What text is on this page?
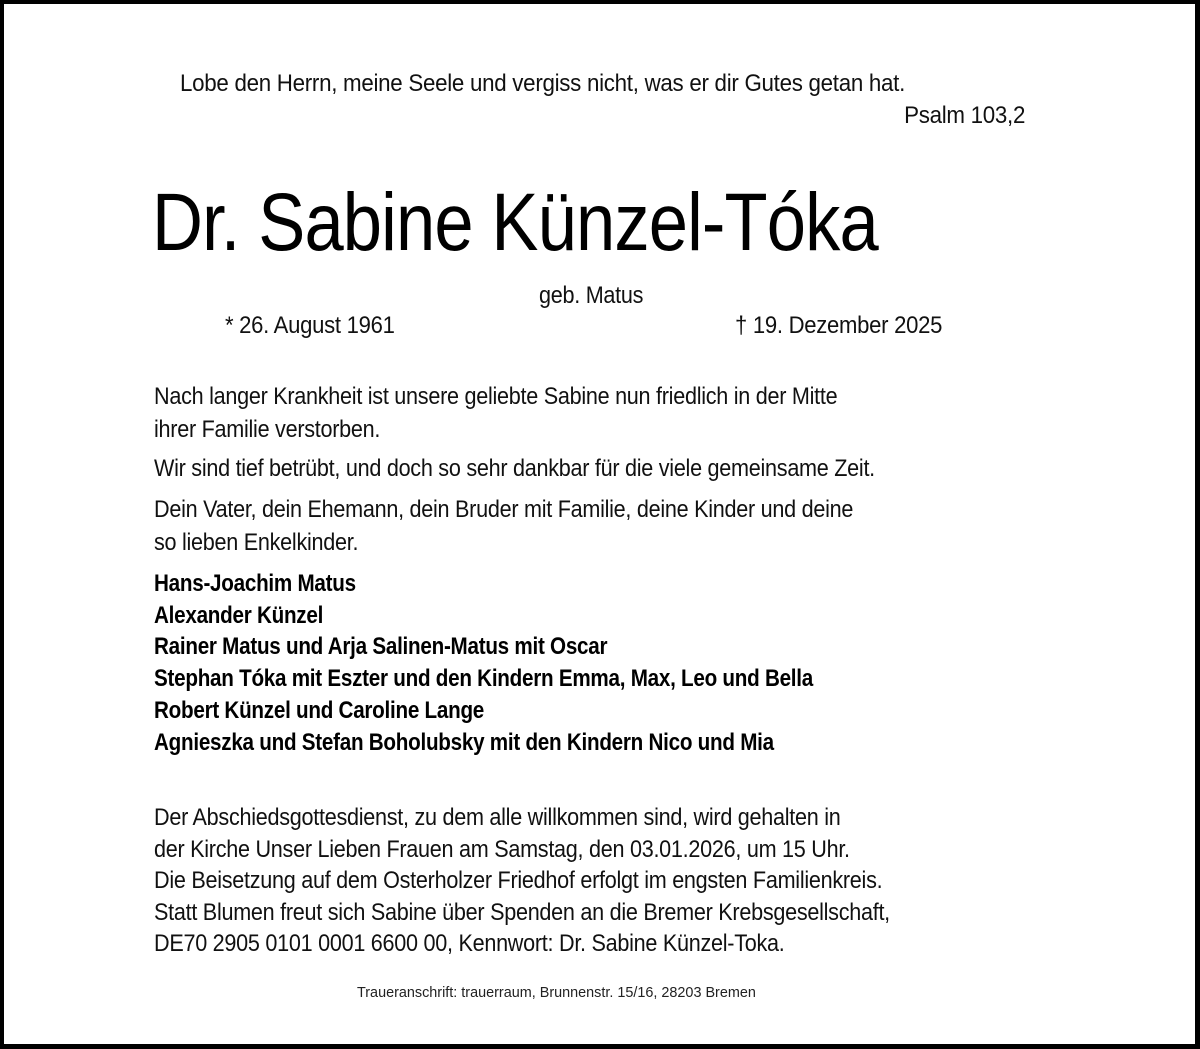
Lobe den Herrn, meine Seele und vergiss nicht, was er dir Gutes getan hat.
Psalm 103,2
Dr. Sabine Künzel-Tóka
geb. Matus
* 26. August 1961	† 19. Dezember 2025
Nach langer Krankheit ist unsere geliebte Sabine nun friedlich in der Mitte
ihrer Familie verstorben.
Wir sind tief betrübt, und doch so sehr dankbar für die viele gemeinsame Zeit.
Dein Vater, dein Ehemann, dein Bruder mit Familie, deine Kinder und deine
so lieben Enkelkinder.
Hans-Joachim Matus
Alexander Künzel
Rainer Matus und Arja Salinen-Matus mit Oscar
Stephan Tóka mit Eszter und den Kindern Emma, Max, Leo und Bella
Robert Künzel und Caroline Lange
Agnieszka und Stefan Boholubsky mit den Kindern Nico und Mia
Der Abschiedsgottesdienst, zu dem alle willkommen sind, wird gehalten in
der Kirche Unser Lieben Frauen am Samstag, den 03.01.2026, um 15 Uhr.
Die Beisetzung auf dem Osterholzer Friedhof erfolgt im engsten Familienkreis.
Statt Blumen freut sich Sabine über Spenden an die Bremer Krebsgesellschaft,
DE70 2905 0101 0001 6600 00, Kennwort: Dr. Sabine Künzel-Toka.
Traueranschrift: trauerraum, Brunnenstr. 15/16, 28203 Bremen
